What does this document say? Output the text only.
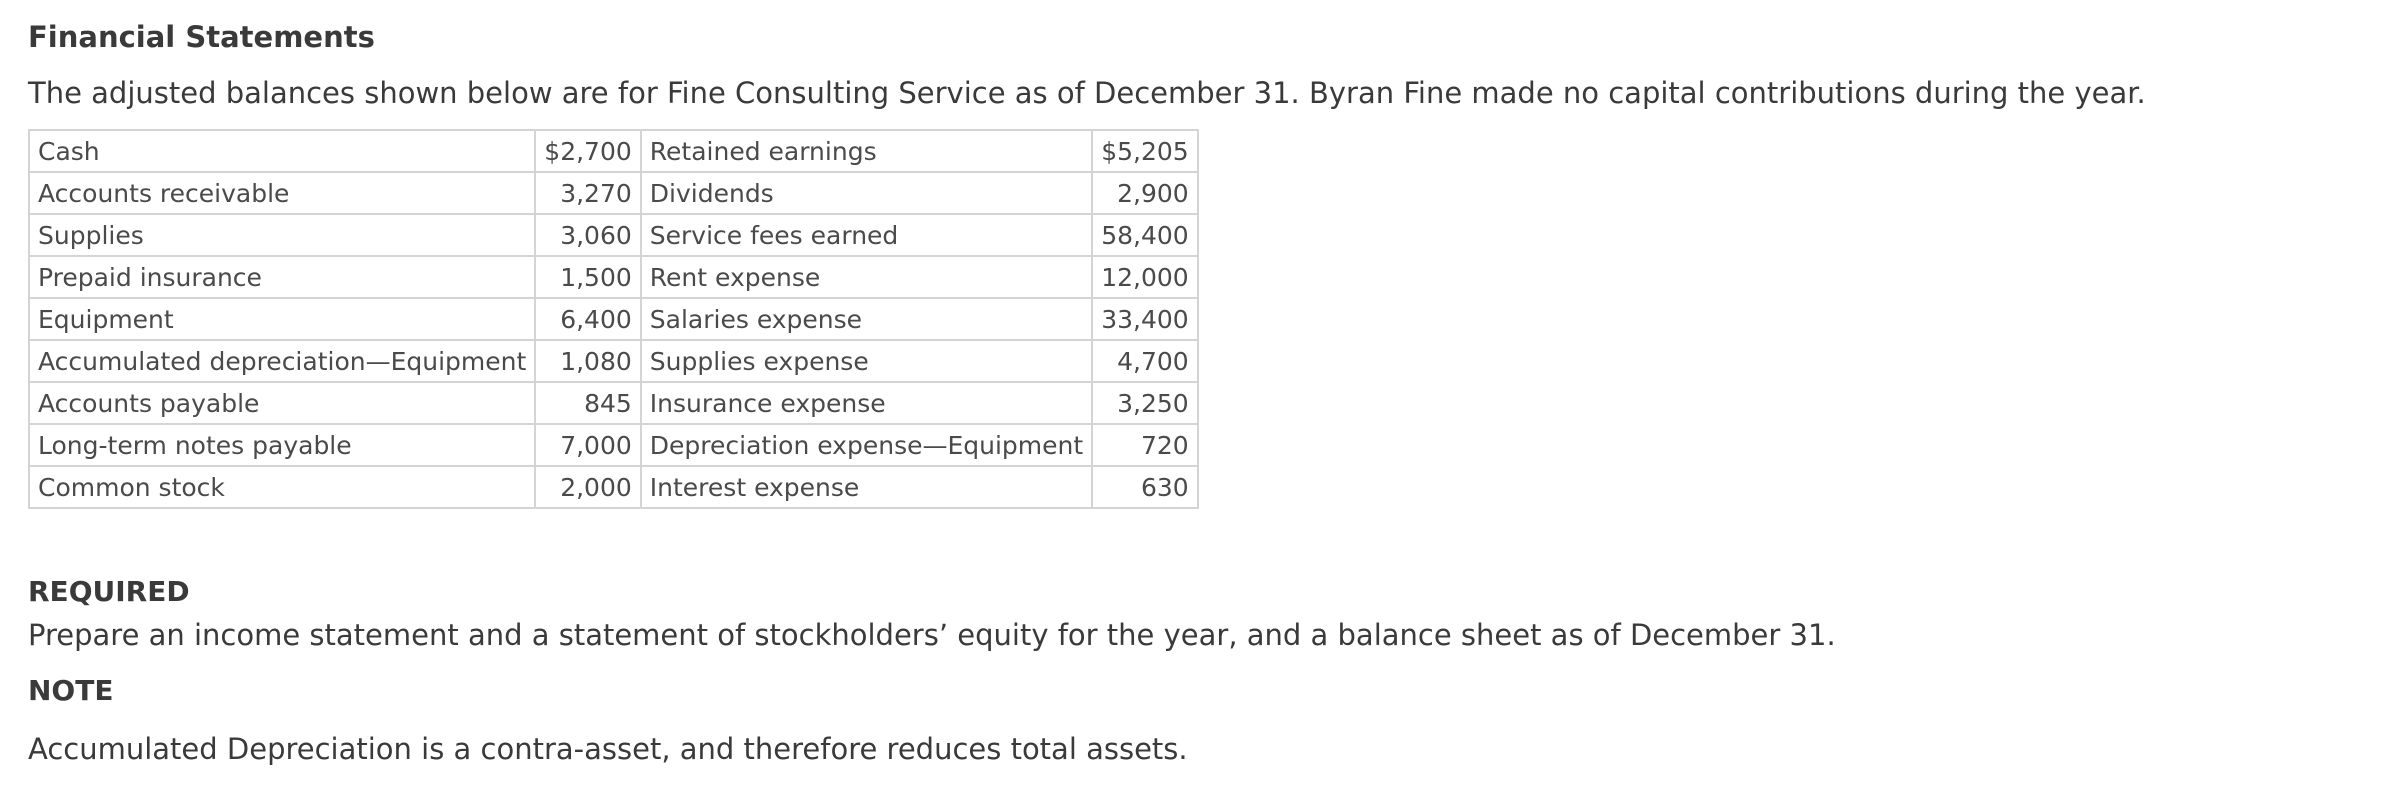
Financial Statements
The adjusted balances shown below are for Fine Consulting Service as of December 31. Byran Fine made no capital contributions during the year.
Cash	$2,700	Retained earnings	$5,205
Accounts receivable	3,270	Dividends	2,900
Supplies	3,060	Service fees earned	58,400
Prepaid insurance	1,500	Rent expense	12,000
Equipment	6,400	Salaries expense	33,400
Accumulated depreciation—Equipment	1,080	Supplies expense	4,700
Accounts payable	845	Insurance expense	3,250
Long-term notes payable	7,000	Depreciation expense—Equipment	720
Common stock	2,000	Interest expense	630
REQUIRED
Prepare an income statement and a statement of stockholders’ equity for the year, and a balance sheet as of December 31.
NOTE
Accumulated Depreciation is a contra-asset, and therefore reduces total assets.
